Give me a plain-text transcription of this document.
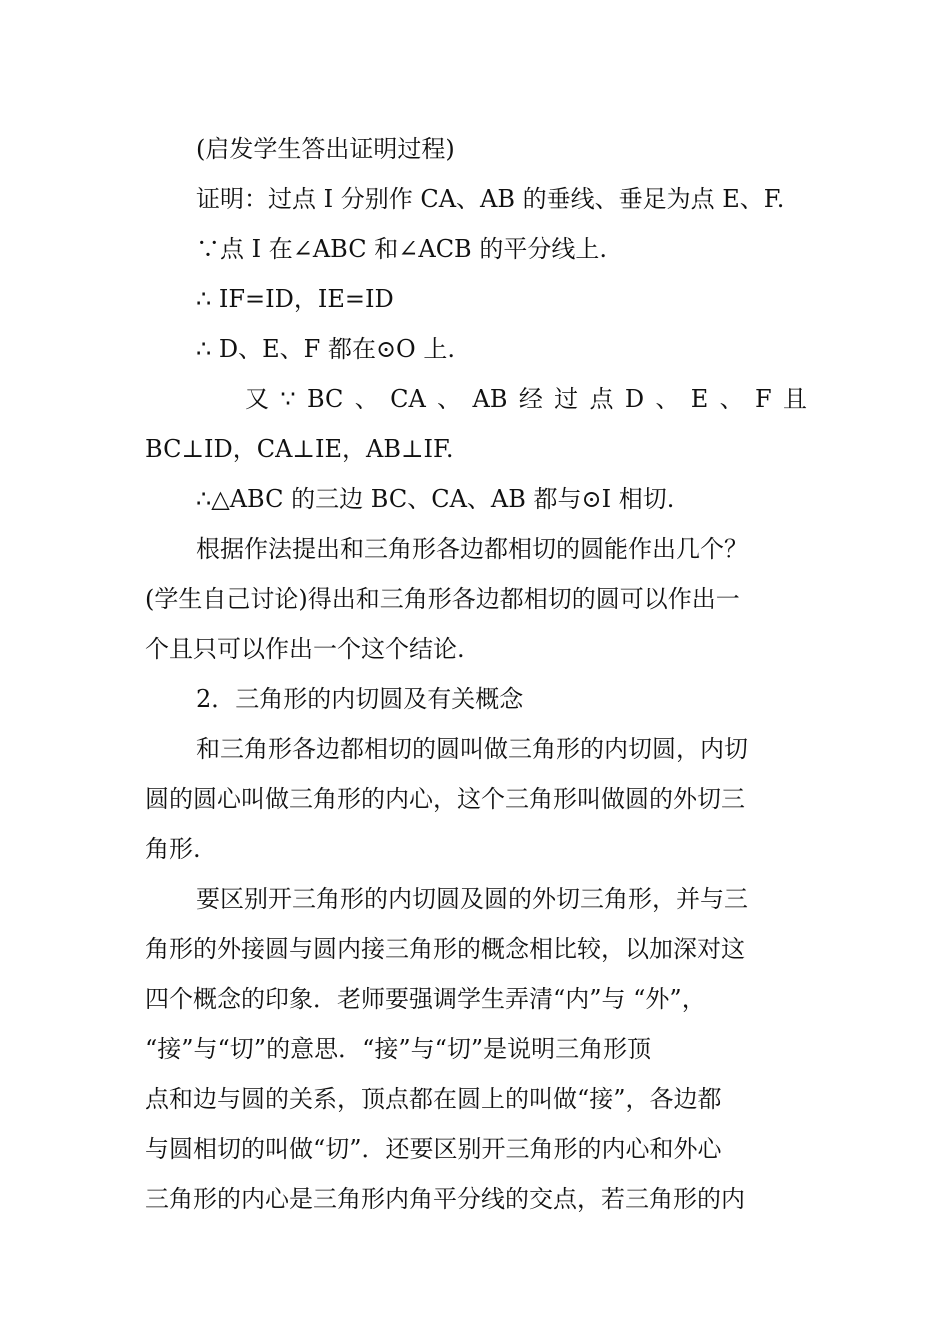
(启发学生答出证明过程)
证明：过点 I 分别作 CA、AB 的垂线、垂足为点 E、F.
∵点 I 在∠ABC 和∠ACB 的平分线上.
∴ IF=ID，IE=ID
∴ D、E、F 都在⊙O 上.
又 ∵ BC 、 CA 、 AB 经 过 点 D 、 E 、 F 且
BC⊥ID，CA⊥IE，AB⊥IF.
∴△ABC 的三边 BC、CA、AB 都与⊙I 相切.
根据作法提出和三角形各边都相切的圆能作出几个？
(学生自己讨论)得出和三角形各边都相切的圆可以作出一
个且只可以作出一个这个结论.
2．三角形的内切圆及有关概念
和三角形各边都相切的圆叫做三角形的内切圆，内切
圆的圆心叫做三角形的内心，这个三角形叫做圆的外切三
角形.
要区别开三角形的内切圆及圆的外切三角形，并与三
角形的外接圆与圆内接三角形的概念相比较，以加深对这
四个概念的印象．老师要强调学生弄清“内”与 “外”，
“接”与“切”的意思．“接”与“切”是说明三角形顶
点和边与圆的关系，顶点都在圆上的叫做“接”，各边都
与圆相切的叫做“切”．还要区别开三角形的内心和外心
三角形的内心是三角形内角平分线的交点，若三角形的内
